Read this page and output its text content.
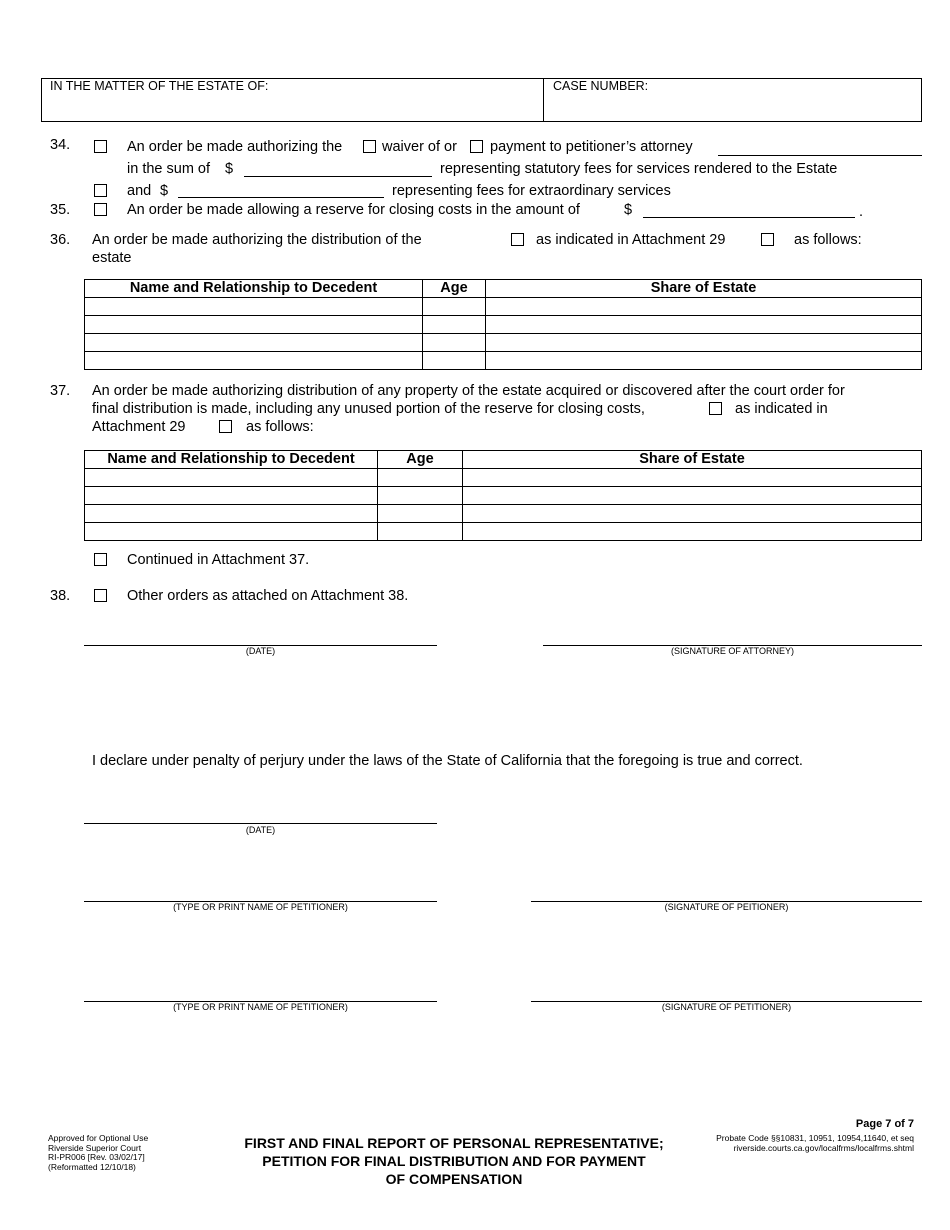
IN THE MATTER OF THE ESTATE OF:	CASE NUMBER:
34.	An order be made authorizing the	waiver of or payment to petitioner’s attorney
in the sum of $	representing statutory fees for services rendered to the Estate
and $	representing fees for extraordinary services
35.	An order be made allowing a reserve for closing costs in the amount of	$	.
36. An order be made authorizing the distribution of the
estate
as indicated in Attachment 29	as follows:
Name and Relationship to Decedent	Age	Share of Estate

37. An order be made authorizing distribution of any property of the estate acquired or discovered after the court order for
final distribution is made, including any unused portion of the reserve for closing costs,	as indicated in
Attachment 29	as follows:
Name and Relationship to Decedent	Age	Share of Estate

Continued in Attachment 37.
38.	Other orders as attached on Attachment 38.
(DATE)	(SIGNATURE OF ATTORNEY)
I declare under penalty of perjury under the laws of the State of California that the foregoing is true and correct.
(DATE)
(TYPE OR PRINT NAME OF PETITIONER)	(SIGNATURE OF PEITIONER)
(TYPE OR PRINT NAME OF PETITIONER)	(SIGNATURE OF PETITIONER)
Approved for Optional Use
Riverside Superior Court
RI-PR006 [Rev. 03/02/17]
(Reformatted 12/10/18)
FIRST AND FINAL REPORT OF PERSONAL REPRESENTATIVE;
PETITION FOR FINAL DISTRIBUTION AND FOR PAYMENT
OF COMPENSATION
Page 7 of 7
Probate Code §§10831, 10951, 10954,11640, et seq
riverside.courts.ca.gov/localfrms/localfrms.shtml
